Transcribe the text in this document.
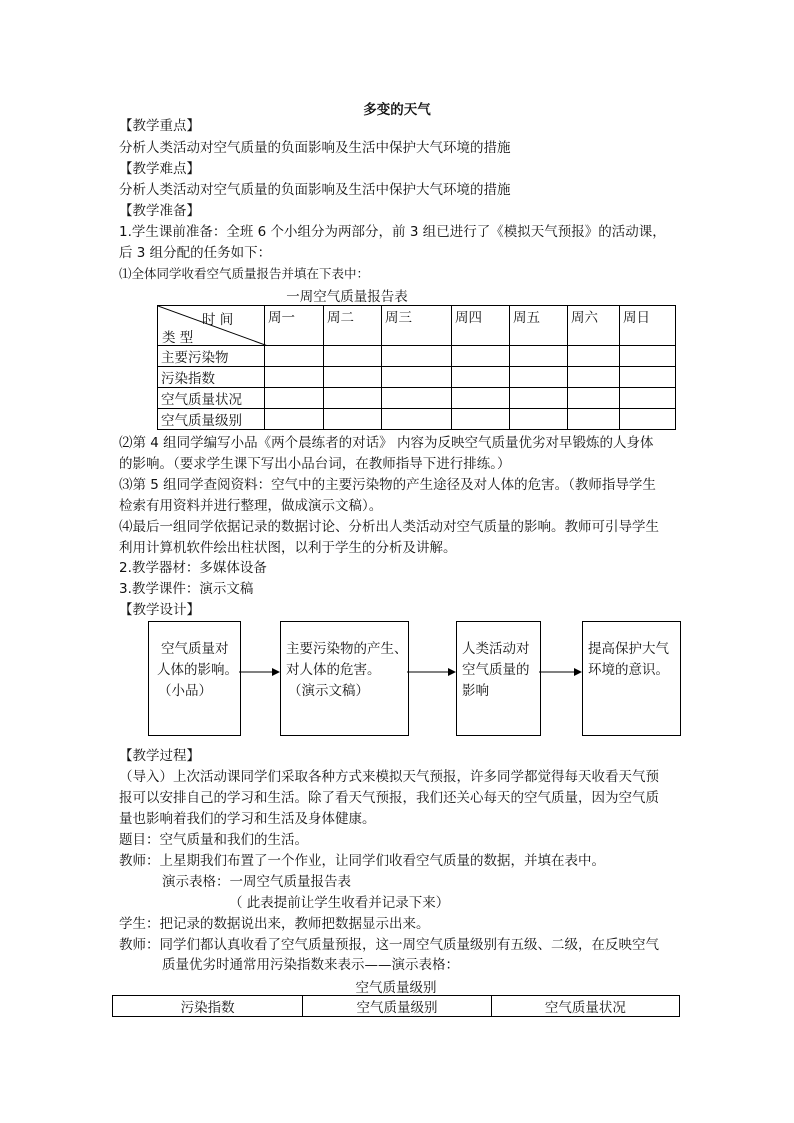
多变的天气
【教学重点】
分析人类活动对空气质量的负面影响及生活中保护大气环境的措施
【教学难点】
分析人类活动对空气质量的负面影响及生活中保护大气环境的措施
【教学准备】
1.学生课前准备：全班 6 个小组分为两部分，前 3 组已进行了《模拟天气预报》的活动课，
后 3 组分配的任务如下：
⑴全体同学收看空气质量报告并填在下表中：
一周空气质量报告表
时 间
类 型	周一	周二	周三	周四	周五	周六	周日
主要污染物							
污染指数							
空气质量状况							
空气质量级别							
⑵第 4 组同学编写小品《两个晨练者的对话》 内容为反映空气质量优劣对早锻炼的人身体
的影响。（要求学生课下写出小品台词，在教师指导下进行排练。）
⑶第 5 组同学查阅资料：空气中的主要污染物的产生途径及对人体的危害。（教师指导学生
检索有用资料并进行整理，做成演示文稿）。
⑷最后一组同学依据记录的数据讨论、分析出人类活动对空气质量的影响。教师可引导学生
利用计算机软件绘出柱状图，以利于学生的分析及讲解。
2.教学器材：多媒体设备
3.教学课件：演示文稿
【教学设计】
空气质量对
人体的影响。
（小品）
主要污染物的产生、
对人体的危害。
（演示文稿）
人类活动对
空气质量的
影响
提高保护大气
环境的意识。
【教学过程】
（导入）上次活动课同学们采取各种方式来模拟天气预报，许多同学都觉得每天收看天气预
报可以安排自己的学习和生活。除了看天气预报，我们还关心每天的空气质量，因为空气质
量也影响着我们的学习和生活及身体健康。
题目：空气质量和我们的生活。
教师：上星期我们布置了一个作业，让同学们收看空气质量的数据，并填在表中。
演示表格：一周空气质量报告表
（ 此表提前让学生收看并记录下来）
学生：把记录的数据说出来，教师把数据显示出来。
教师：同学们都认真收看了空气质量预报，这一周空气质量级别有五级、二级，在反映空气
质量优劣时通常用污染指数来表示——演示表格：
空气质量级别
污染指数	空气质量级别	空气质量状况
